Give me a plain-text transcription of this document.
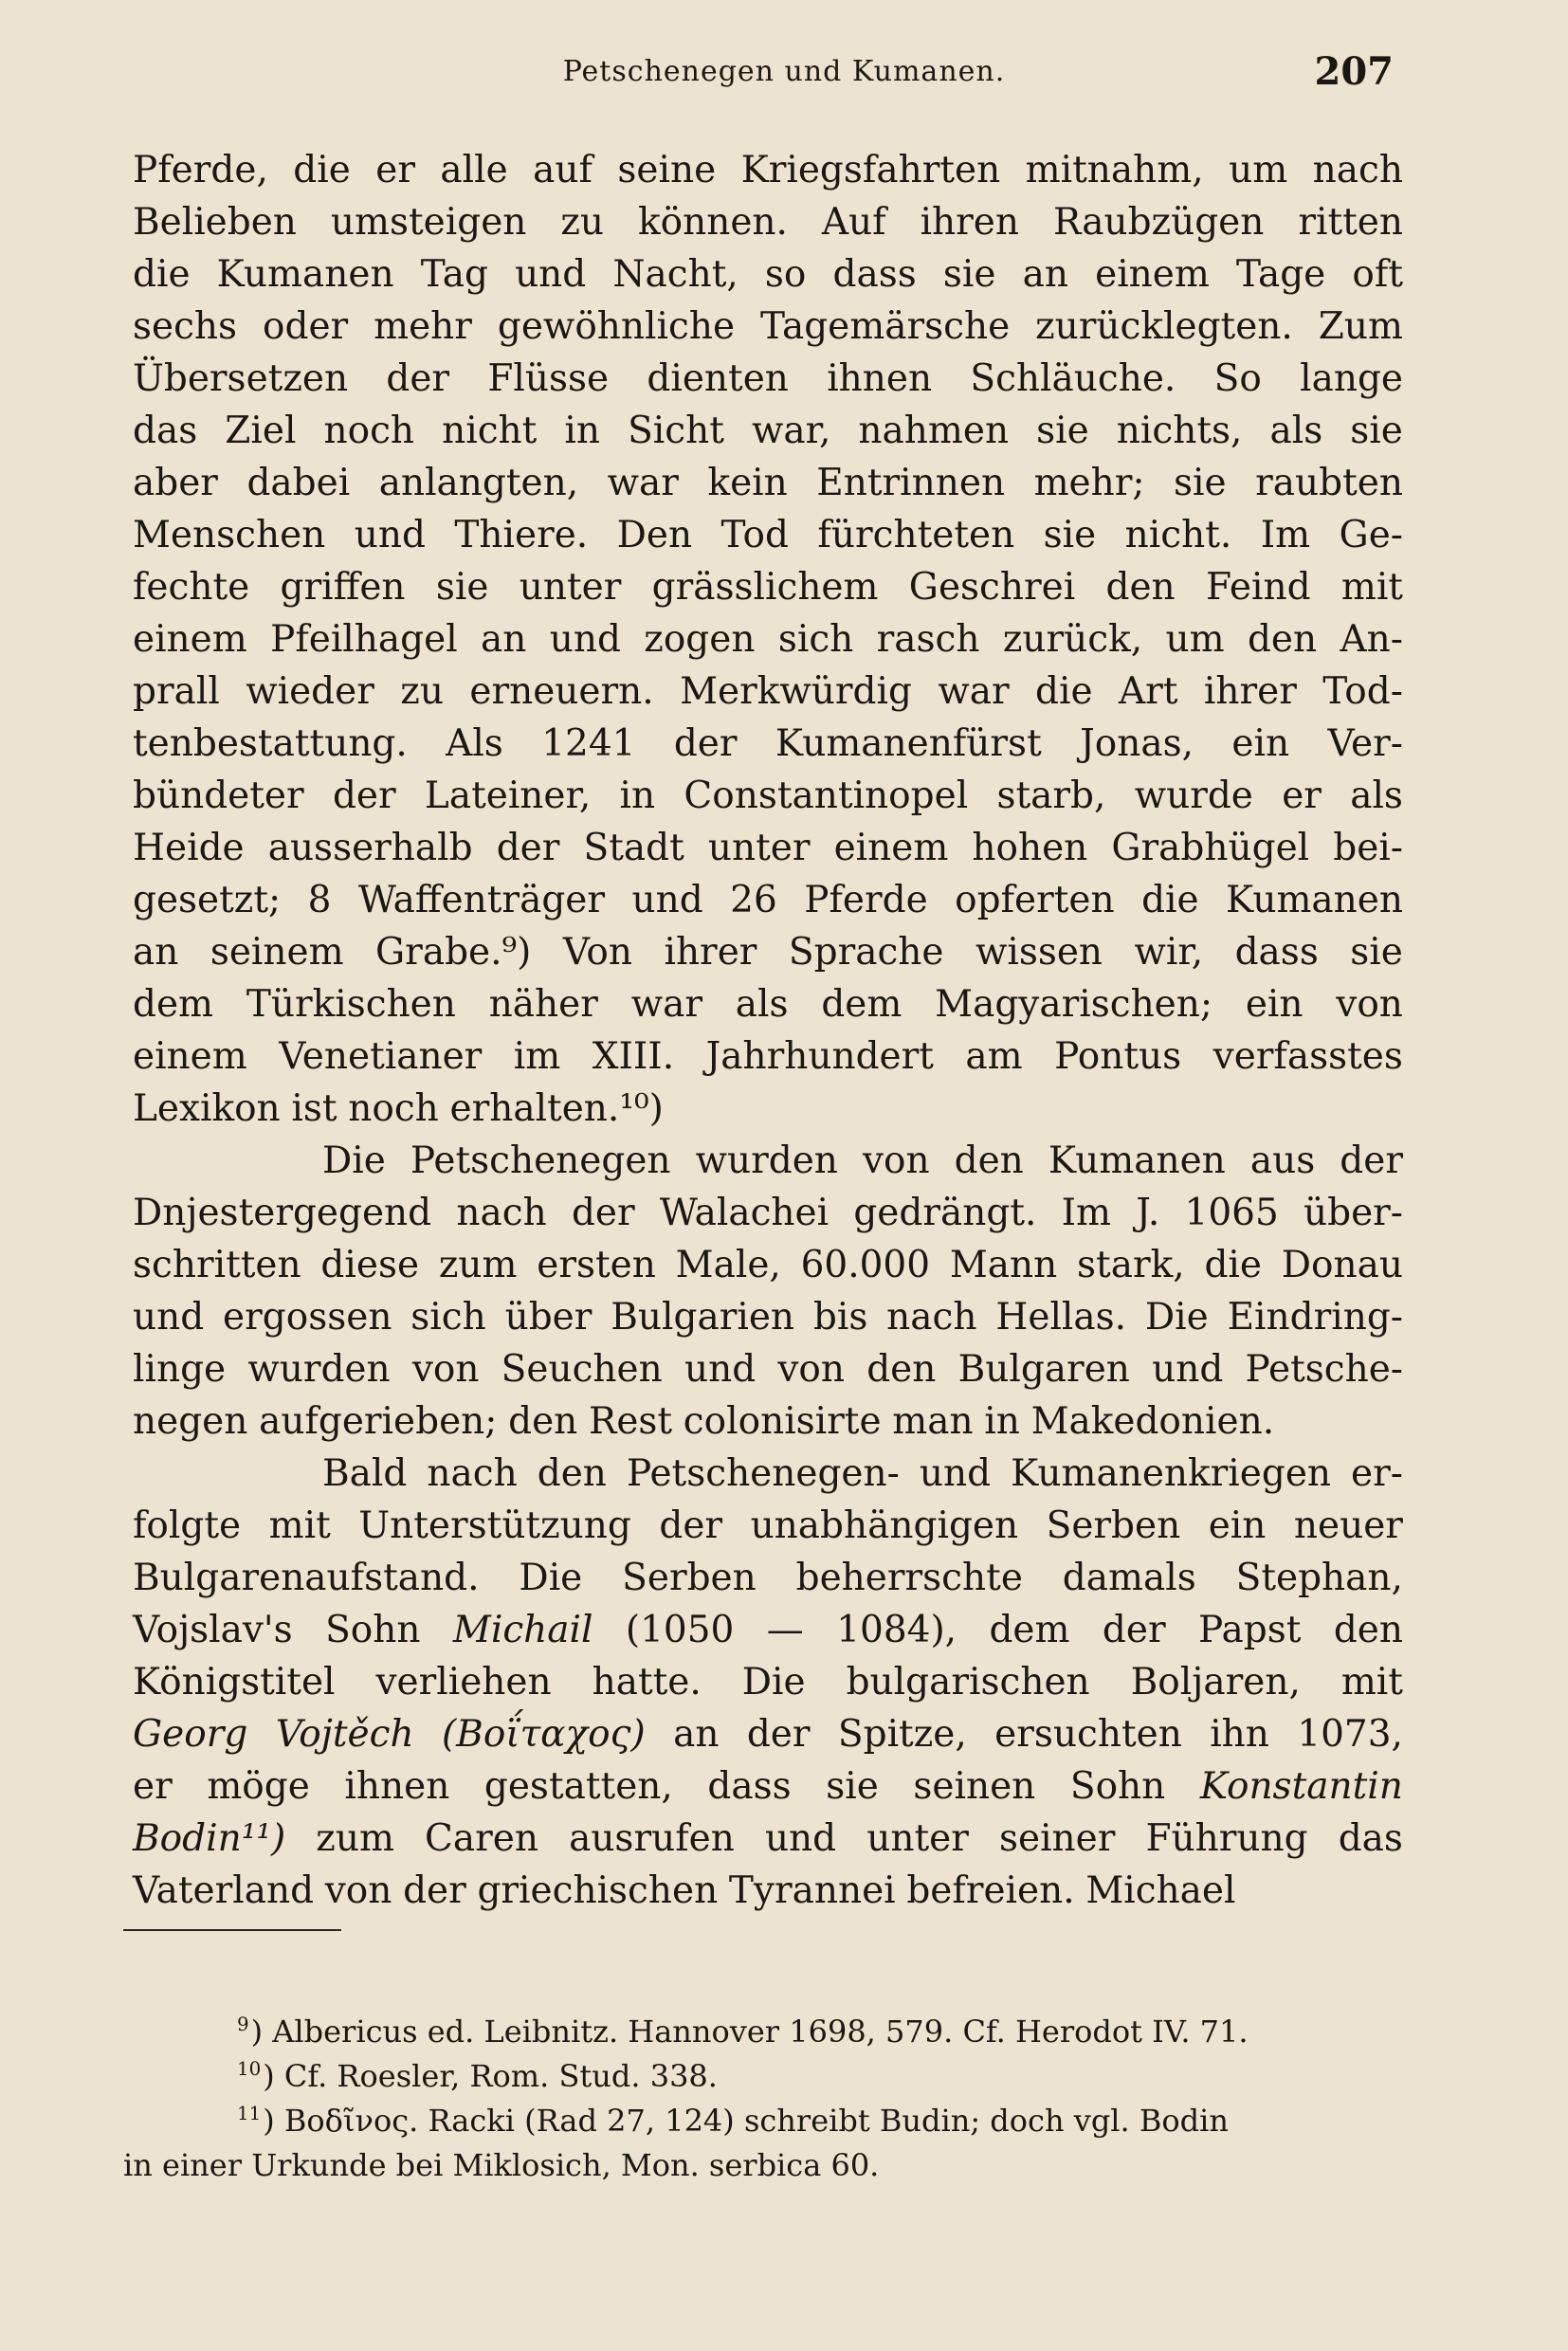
Petschenegen und Kumanen.	207
Pferde, die er alle auf seine Kriegsfahrten mitnahm, um nach
Belieben umsteigen zu können. Auf ihren Raubzügen ritten
die Kumanen Tag und Nacht, so dass sie an einem Tage oft
sechs oder mehr gewöhnliche Tagemärsche zurücklegten. Zum
Übersetzen der Flüsse dienten ihnen Schläuche. So lange
das Ziel noch nicht in Sicht war, nahmen sie nichts, als sie
aber dabei anlangten, war kein Entrinnen mehr; sie raubten
Menschen und Thiere. Den Tod fürchteten sie nicht. Im Ge-
fechte griffen sie unter grässlichem Geschrei den Feind mit
einem Pfeilhagel an und zogen sich rasch zurück, um den An-
prall wieder zu erneuern. Merkwürdig war die Art ihrer Tod-
tenbestattung. Als 1241 der Kumanenfürst Jonas, ein Ver-
bündeter der Lateiner, in Constantinopel starb, wurde er als
Heide ausserhalb der Stadt unter einem hohen Grabhügel bei-
gesetzt; 8 Waffenträger und 26 Pferde opferten die Kumanen
an seinem Grabe.⁹) Von ihrer Sprache wissen wir, dass sie
dem Türkischen näher war als dem Magyarischen; ein von
einem Venetianer im XIII. Jahrhundert am Pontus verfasstes
Lexikon ist noch erhalten.¹⁰)
Die Petschenegen wurden von den Kumanen aus der
Dnjestergegend nach der Walachei gedrängt. Im J. 1065 über-
schritten diese zum ersten Male, 60.000 Mann stark, die Donau
und ergossen sich über Bulgarien bis nach Hellas. Die Eindring-
linge wurden von Seuchen und von den Bulgaren und Petsche-
negen aufgerieben; den Rest colonisirte man in Makedonien.
Bald nach den Petschenegen- und Kumanenkriegen er-
folgte mit Unterstützung der unabhängigen Serben ein neuer
Bulgarenaufstand. Die Serben beherrschte damals Stephan,
Vojslav's Sohn Michail (1050 — 1084), dem der Papst den
Königstitel verliehen hatte. Die bulgarischen Boljaren, mit
Georg Vojtěch (Boΐταχος) an der Spitze, ersuchten ihn 1073,
er möge ihnen gestatten, dass sie seinen Sohn Konstantin
Bodin¹¹) zum Caren ausrufen und unter seiner Führung das
Vaterland von der griechischen Tyrannei befreien. Michael
$^9$) Albericus ed. Leibnitz. Hannover 1698, 579. Cf. Herodot IV. 71.
$^{10}$) Cf. Roesler, Rom. Stud. 338.
$^{11}$) Βοδῖνος. Racki (Rad 27, 124) schreibt Budin; doch vgl. Bodin
in einer Urkunde bei Miklosich, Mon. serbica 60.
